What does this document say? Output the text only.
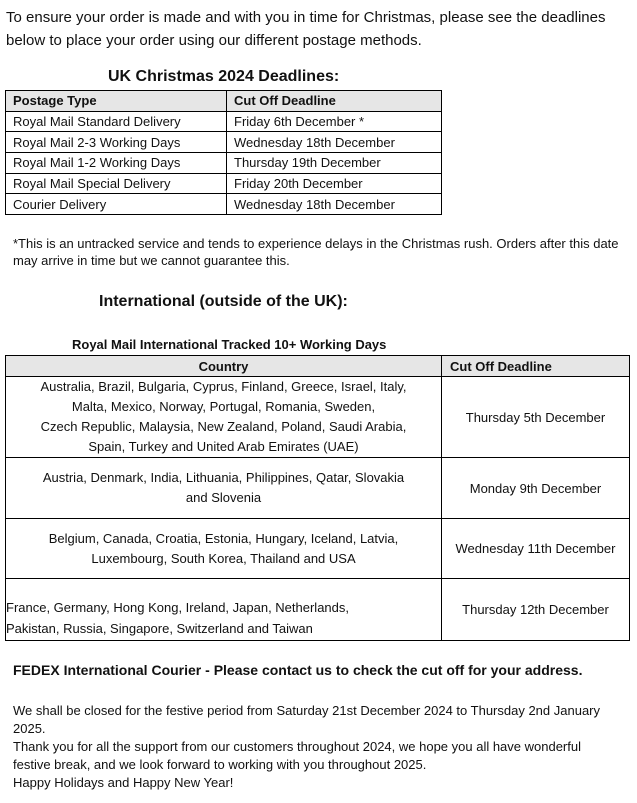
To ensure your order is made and with you in time for Christmas, please see the deadlines below to place your order using our different postage methods.

UK Christmas 2024 Deadlines:
Postage Type	Cut Off Deadline
Royal Mail Standard Delivery	Friday 6th December *
Royal Mail 2-3 Working Days	Wednesday 18th December
Royal Mail 1-2 Working Days	Thursday 19th December
Royal Mail Special Delivery	Friday 20th December
Courier Delivery	Wednesday 18th December

*This is an untracked service and tends to experience delays in the Christmas rush. Orders after this date may arrive in time but we cannot guarantee this.

International (outside of the UK):
Royal Mail International Tracked 10+ Working Days
Country	Cut Off Deadline

Australia, Brazil, Bulgaria, Cyprus, Finland, Greece, Israel, Italy,
Malta, Mexico, Norway, Portugal, Romania, Sweden,
Czech Republic, Malaysia, New Zealand, Poland, Saudi Arabia,
Spain, Turkey and United Arab Emirates (UAE)	Thursday 5th December

Austria, Denmark, India, Lithuania, Philippines, Qatar, Slovakia
and Slovenia	Monday 9th December

Belgium, Canada, Croatia, Estonia, Hungary, Iceland, Latvia,
Luxembourg, South Korea, Thailand and USA	Wednesday 11th December

France, Germany, Hong Kong, Ireland, Japan, Netherlands,
Pakistan, Russia, Singapore, Switzerland and Taiwan	Thursday 12th December

FEDEX International Courier - Please contact us to check the cut off for your address.

We shall be closed for the festive period from Saturday 21st December 2024 to Thursday 2nd January 2025.

Thank you for all the support from our customers throughout 2024, we hope you all have wonderful festive break, and we look forward to working with you throughout 2025.

Happy Holidays and Happy New Year!
